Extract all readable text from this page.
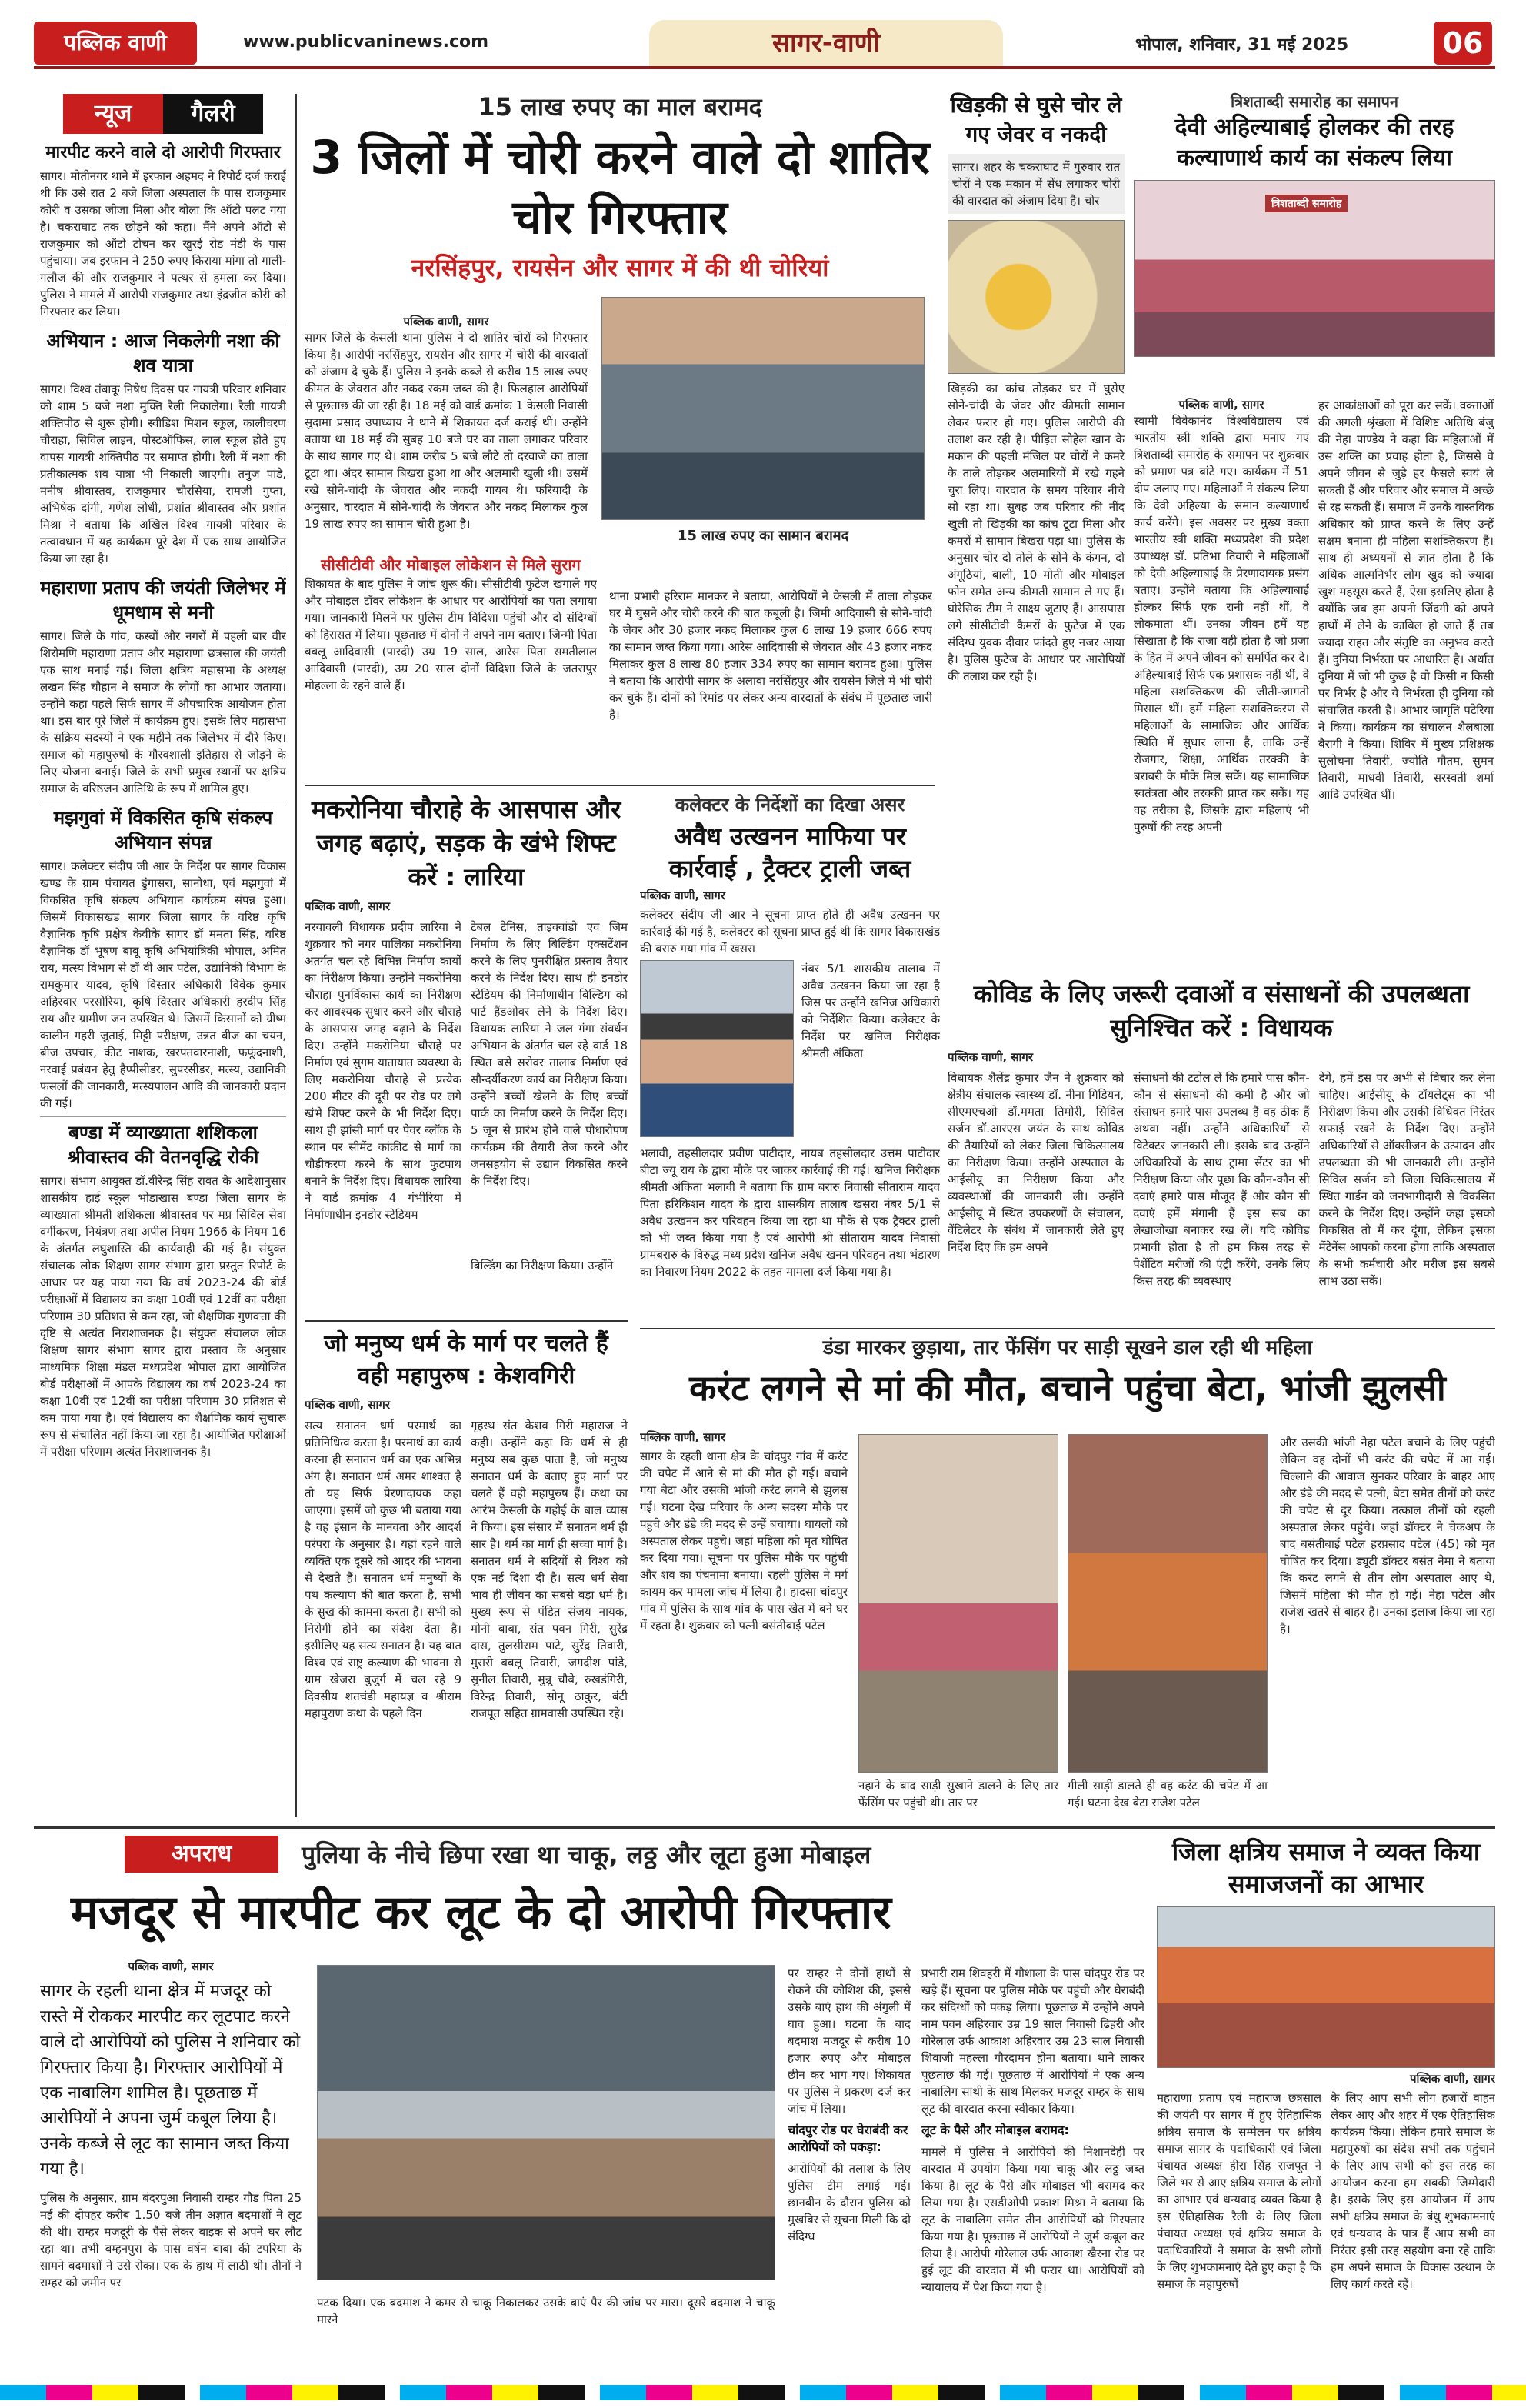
पब्लिक वाणी	www.publicvaninews.com	सागर-वाणी	भोपाल, शनिवार, 31 मई 2025	06
न्यूज	गैलरी
मारपीट करने वाले दो आरोपी गिरफ्तार

सागर। मोतीनगर थाने में इरफान अहमद ने रिपोर्ट दर्ज कराई थी कि उसे रात 2 बजे जिला अस्पताल के पास राजकुमार कोरी व उसका जीजा मिला और बोला कि ऑटो पलट गया है। चकराघाट तक छोड़ने को कहा। मैंने अपने ऑटो से राजकुमार को ऑटो टोचन कर खुरई रोड मंडी के पास पहुंचाया। जब इरफान ने 250 रुपए किराया मांगा तो गाली-गलौज की और राजकुमार ने पत्थर से हमला कर दिया। पुलिस ने मामले में आरोपी राजकुमार तथा इंद्रजीत कोरी को गिरफ्तार कर लिया।

अभियान : आज निकलेगी नशा की शव यात्रा

सागर। विश्व तंबाकू निषेध दिवस पर गायत्री परिवार शनिवार को शाम 5 बजे नशा मुक्ति रैली निकालेगा। रैली गायत्री शक्तिपीठ से शुरू होगी। स्वीडिश मिशन स्कूल, कालीचरण चौराहा, सिविल लाइन, पोस्टऑफिस, लाल स्कूल होते हुए वापस गायत्री शक्तिपीठ पर समाप्त होगी। रैली में नशा की प्रतीकात्मक शव यात्रा भी निकाली जाएगी। तनुज पांडे, मनीष श्रीवास्तव, राजकुमार चौरसिया, रामजी गुप्ता, अभिषेक दांगी, गणेश लोधी, प्रशांत श्रीवास्तव और प्रशांत मिश्रा ने बताया कि अखिल विश्व गायत्री परिवार के तत्वावधान में यह कार्यक्रम पूरे देश में एक साथ आयोजित किया जा रहा है।

महाराणा प्रताप की जयंती जिलेभर में धूमधाम से मनी

सागर। जिले के गांव, कस्बों और नगरों में पहली बार वीर शिरोमणि महाराणा प्रताप और महाराणा छत्रसाल की जयंती एक साथ मनाई गई। जिला क्षत्रिय महासभा के अध्यक्ष लखन सिंह चौहान ने समाज के लोगों का आभार जताया। उन्होंने कहा पहले सिर्फ सागर में औपचारिक आयोजन होता था। इस बार पूरे जिले में कार्यक्रम हुए। इसके लिए महासभा के सक्रिय सदस्यों ने एक महीने तक जिलेभर में दौरे किए। समाज को महापुरुषों के गौरवशाली इतिहास से जोड़ने के लिए योजना बनाई। जिले के सभी प्रमुख स्थानों पर क्षत्रिय समाज के वरिष्ठजन आतिथि के रूप में शामिल हुए।

मझगुवां में विकसित कृषि संकल्प अभियान संपन्न

सागर। कलेक्टर संदीप जी आर के निर्देश पर सागर विकास खण्ड के ग्राम पंचायत डुंगासरा, सानोधा, एवं मझगुवां में विकसित कृषि संकल्प अभियान कार्यक्रम संपन्न हुआ। जिसमें विकासखंड सागर जिला सागर के वरिष्ठ कृषि वैज्ञानिक कृषि प्रक्षेत्र केवीके सागर डॉ ममता सिंह, वरिष्ठ वैज्ञानिक डॉ भूषण बाबू कृषि अभियांत्रिकी भोपाल, अमित राय, मत्स्य विभाग से डॉ वी आर पटेल, उद्यानिकी विभाग के रामकुमार यादव, कृषि विस्तार अधिकारी विवेक कुमार अहिरवार परसोरिया, कृषि विस्तार अधिकारी हरदीप सिंह राय और ग्रामीण जन उपस्थित थे। जिसमें किसानों को ग्रीष्म कालीन गहरी जुताई, मिट्टी परीक्षण, उन्नत बीज का चयन, बीज उपचार, कीट नाशक, खरपतवारनाशी, फफूंदनाशी, नरवाई प्रबंधन हेतु हैप्पीसीडर, सुपरसीडर, मत्स्य, उद्यानिकी फसलों की जानकारी, मत्स्यपालन आदि की जानकारी प्रदान की गई।

बण्डा में व्याख्याता शशिकला श्रीवास्तव की वेतनवृद्धि रोकी

सागर। संभाग आयुक्त डॉ.वीरेन्द्र सिंह रावत के आदेशानुसार शासकीय हाई स्कूल भोडाखास बण्डा जिला सागर के व्याख्याता श्रीमती शशिकला श्रीवास्तव पर मप्र सिविल सेवा वर्गीकरण, नियंत्रण तथा अपील नियम 1966 के नियम 16 के अंतर्गत लघुशास्ति की कार्यवाही की गई है। संयुक्त संचालक लोक शिक्षण सागर संभाग द्वारा प्रस्तुत रिपोर्ट के आधार पर यह पाया गया कि वर्ष 2023-24 की बोर्ड परीक्षाओं में विद्यालय का कक्षा 10वीं एवं 12वीं का परीक्षा परिणाम 30 प्रतिशत से कम रहा, जो शैक्षणिक गुणवत्ता की दृष्टि से अत्यंत निराशाजनक है। संयुक्त संचालक लोक शिक्षण सागर संभाग सागर द्वारा प्रस्ताव के अनुसार माध्यमिक शिक्षा मंडल मध्यप्रदेश भोपाल द्वारा आयोजित बोर्ड परीक्षाओं में आपके विद्यालय का वर्ष 2023-24 का कक्षा 10वीं एवं 12वीं का परीक्षा परिणाम 30 प्रतिशत से कम पाया गया है। एवं विद्यालय का शैक्षणिक कार्य सुचारू रूप से संचालित नहीं किया जा रहा है। आयोजित परीक्षाओं में परीक्षा परिणाम अत्यंत निराशाजनक है।

15 लाख रुपए का माल बरामद
3 जिलों में चोरी करने वाले दो शातिर चोर गिरफ्तार
नरसिंहपुर, रायसेन और सागर में की थी चोरियां
पब्लिक वाणी, सागर

सागर जिले के केसली थाना पुलिस ने दो शातिर चोरों को गिरफ्तार किया है। आरोपी नरसिंहपुर, रायसेन और सागर में चोरी की वारदातों को अंजाम दे चुके हैं। पुलिस ने इनके कब्जे से करीब 15 लाख रुपए कीमत के जेवरात और नकद रकम जब्त की है। फिलहाल आरोपियों से पूछताछ की जा रही है। 18 मई को वार्ड क्रमांक 1 केसली निवासी सुदामा प्रसाद उपाध्याय ने थाने में शिकायत दर्ज कराई थी। उन्होंने बताया था 18 मई की सुबह 10 बजे घर का ताला लगाकर परिवार के साथ सागर गए थे। शाम करीब 5 बजे लौटे तो दरवाजे का ताला टूटा था। अंदर सामान बिखरा हुआ था और अलमारी खुली थी। उसमें रखे सोने-चांदी के जेवरात और नकदी गायब थे। फरियादी के अनुसार, वारदात में सोने-चांदी के जेवरात और नकद मिलाकर कुल 19 लाख रुपए का सामान चोरी हुआ है।

15 लाख रुपए का सामान बरामद
सीसीटीवी और मोबाइल लोकेशन से मिले सुराग

शिकायत के बाद पुलिस ने जांच शुरू की। सीसीटीवी फुटेज खंगाले गए और मोबाइल टॉवर लोकेशन के आधार पर आरोपियों का पता लगाया गया। जानकारी मिलने पर पुलिस टीम विदिशा पहुंची और दो संदिग्धों को हिरासत में लिया। पूछताछ में दोनों ने अपने नाम बताए। जिन्मी पिता बबलू आदिवासी (पारदी) उम्र 19 साल, आरेस पिता समतीलाल आदिवासी (पारदी), उम्र 20 साल दोनों विदिशा जिले के जतरापुर मोहल्ला के रहने वाले हैं।

थाना प्रभारी हरिराम मानकर ने बताया, आरोपियों ने केसली में ताला तोड़कर घर में घुसने और चोरी करने की बात कबूली है। जिमी आदिवासी से सोने-चांदी के जेवर और 30 हजार नकद मिलाकर कुल 6 लाख 19 हजार 666 रुपए का सामान जब्त किया गया। आरेस आदिवासी से जेवरात और 43 हजार नकद मिलाकर कुल 8 लाख 80 हजार 334 रुपए का सामान बरामद हुआ। पुलिस ने बताया कि आरोपी सागर के अलावा नरसिंहपुर और रायसेन जिले में भी चोरी कर चुके हैं। दोनों को रिमांड पर लेकर अन्य वारदातों के संबंध में पूछताछ जारी है।

खिड़की से घुसे चोर ले गए जेवर व नकदी

सागर। शहर के चकराघाट में गुरुवार रात चोरों ने एक मकान में सेंध लगाकर चोरी की वारदात को अंजाम दिया है। चोर

खिड़की का कांच तोड़कर घर में घुसेए सोने-चांदी के जेवर और कीमती सामान लेकर फरार हो गए। पुलिस आरोपी की तलाश कर रही है। पीड़ित सोहेल खान के मकान की पहली मंजिल पर चोरों ने कमरे के ताले तोड़कर अलमारियों में रखे गहने चुरा लिए। वारदात के समय परिवार नीचे सो रहा था। सुबह जब परिवार की नींद खुली तो खिड़की का कांच टूटा मिला और कमरों में सामान बिखरा पड़ा था। पुलिस के अनुसार चोर दो तोले के सोने के कंगन, दो अंगूठियां, बाली, 10 मोती और मोबाइल फोन समेत अन्य कीमती सामान ले गए हैं। घोरेसिक टीम ने साक्ष्य जुटाए हैं। आसपास लगे सीसीटीवी कैमरों के फुटेज में एक संदिग्ध युवक दीवार फांदते हुए नजर आया है। पुलिस फुटेज के आधार पर आरोपियों की तलाश कर रही है।

त्रिशताब्दी समारोह का समापन
देवी अहिल्याबाई होलकर की तरह कल्याणार्थ कार्य का संकल्प लिया
त्रिशताब्दी समारोह
पब्लिक वाणी, सागर

स्वामी विवेकानंद विश्वविद्यालय एवं भारतीय स्त्री शक्ति द्वारा मनाए गए त्रिशताब्दी समारोह के समापन पर शुक्रवार को प्रमाण पत्र बांटे गए। कार्यक्रम में 51 दीप जलाए गए। महिलाओं ने संकल्प लिया कि देवी अहिल्या के समान कल्याणार्थ कार्य करेंगे। इस अवसर पर मुख्य वक्ता भारतीय स्त्री शक्ति मध्यप्रदेश की प्रदेश उपाध्यक्ष डॉ. प्रतिभा तिवारी ने महिलाओं को देवी अहिल्याबाई के प्रेरणादायक प्रसंग बताए। उन्होंने बताया कि अहिल्याबाई होल्कर सिर्फ एक रानी नहीं थीं, वे लोकमाता थीं। उनका जीवन हमें यह सिखाता है कि राजा वही होता है जो प्रजा के हित में अपने जीवन को समर्पित कर दे। अहिल्याबाई सिर्फ एक प्रशासक नहीं थीं, वे महिला सशक्तिकरण की जीती-जागती मिसाल थीं। हमें महिला सशक्तिकरण से महिलाओं के सामाजिक और आर्थिक स्थिति में सुधार लाना है, ताकि उन्हें रोजगार, शिक्षा, आर्थिक तरक्की के बराबरी के मौके मिल सकें। यह सामाजिक स्वतंत्रता और तरक्की प्राप्त कर सकें। यह वह तरीका है, जिसके द्वारा महिलाएं भी पुरुषों की तरह अपनी

हर आकांक्षाओं को पूरा कर सकें। वक्ताओं की अगली श्रृंखला में विशिष्ट अतिथि बंजु की नेहा पाण्डेय ने कहा कि महिलाओं में उस शक्ति का प्रवाह होता है, जिससे वे अपने जीवन से जुड़े हर फैसले स्वयं ले सकती हैं और परिवार और समाज में अच्छे से रह सकती हैं। समाज में उनके वास्तविक अधिकार को प्राप्त करने के लिए उन्हें सक्षम बनाना ही महिला सशक्तिकरण है। साथ ही अध्ययनों से ज्ञात होता है कि अधिक आत्मनिर्भर लोग खुद को ज्यादा खुश महसूस करते हैं, ऐसा इसलिए होता है क्योंकि जब हम अपनी जिंदगी को अपने हाथों में लेने के काबिल हो जाते हैं तब ज्यादा राहत और संतुष्टि का अनुभव करते हैं। दुनिया निर्भरता पर आधारित है। अर्थात दुनिया में जो भी कुछ है वो किसी न किसी पर निर्भर है और ये निर्भरता ही दुनिया को संचालित करती है। आभार जागृति पटेरिया ने किया। कार्यक्रम का संचालन शैलबाला बैरागी ने किया। शिविर में मुख्य प्रशिक्षक सुलोचना तिवारी, ज्योति गौतम, सुमन तिवारी, माधवी तिवारी, सरस्वती शर्मा आदि उपस्थित थीं।

मकरोनिया चौराहे के आसपास और जगह बढ़ाएं, सड़क के खंभे शिफ्ट करें : लारिया
पब्लिक वाणी, सागर

नरयावली विधायक प्रदीप लारिया ने शुक्रवार को नगर पालिका मकरोनिया अंतर्गत चल रहे विभिन्न निर्माण कार्यों का निरीक्षण किया। उन्होंने मकरोनिया चौराहा पुनर्विकास कार्य का निरीक्षण कर आवश्यक सुधार करने और चौराहे के आसपास जगह बढ़ाने के निर्देश दिए। उन्होंने मकरोनिया चौराहे पर निर्माण एवं सुगम यातायात व्यवस्था के लिए मकरोनिया चौराहे से प्रत्येक 200 मीटर की दूरी पर रोड पर लगे खंभे शिफ्ट करने के भी निर्देश दिए। साथ ही झांसी मार्ग पर पेवर ब्लॉक के स्थान पर सीमेंट कांक्रीट से मार्ग का चौड़ीकरण करने के साथ फुटपाथ बनाने के निर्देश दिए। विधायक लारिया ने वार्ड क्रमांक 4 गंभीरिया में निर्माणाधीन इनडोर स्टेडियम

टेबल टेनिस, ताइक्वांडो एवं जिम निर्माण के लिए बिल्डिंग एक्सटेंशन करने के लिए पुनरीक्षित प्रस्ताव तैयार करने के निर्देश दिए। साथ ही इनडोर स्टेडियम की निर्माणाधीन बिल्डिंग को पार्ट हैंडओवर लेने के निर्देश दिए। विधायक लारिया ने जल गंगा संवर्धन अभियान के अंतर्गत चल रहे वार्ड 18 स्थित बसे सरोवर तालाब निर्माण एवं सौन्दर्यीकरण कार्य का निरीक्षण किया। उन्होंने बच्चों खेलने के लिए बच्चों पार्क का निर्माण करने के निर्देश दिए। 5 जून से प्रारंभ होने वाले पौधारोपण कार्यक्रम की तैयारी तेज करने और जनसहयोग से उद्यान विकसित करने के निर्देश दिए।

बिल्डिंग का निरीक्षण किया। उन्होंने

जो मनुष्य धर्म के मार्ग पर चलते हैं वही महापुरुष : केशवगिरी
पब्लिक वाणी, सागर

सत्य सनातन धर्म परमार्थ का प्रतिनिधित्व करता है। परमार्थ का कार्य करना ही सनातन धर्म का एक अभिन्न अंग है। सनातन धर्म अमर शाश्वत है तो यह सिर्फ प्रेरणादायक कहा जाएगा। इसमें जो कुछ भी बताया गया है वह इंसान के मानवता और आदर्श परंपरा के अनुसार है। यहां रहने वाले व्यक्ति एक दूसरे को आदर की भावना से देखते हैं। सनातन धर्म मनुष्यों के पथ कल्याण की बात करता है, सभी के सुख की कामना करता है। सभी को निरोगी होने का संदेश देता है। इसीलिए यह सत्य सनातन है। यह बात विश्व एवं राष्ट्र कल्याण की भावना से ग्राम खेजरा बुजुर्ग में चल रहे 9 दिवसीय शतचंडी महायज्ञ व श्रीराम महापुराण कथा के पहले दिन

गृहस्थ संत केशव गिरी महाराज ने कही। उन्होंने कहा कि धर्म से ही मनुष्य सब कुछ पाता है, जो मनुष्य सनातन धर्म के बताए हुए मार्ग पर चलते हैं वही महापुरुष हैं। कथा का आरंभ केसली के गहोई के बाल व्यास ने किया। इस संसार में सनातन धर्म ही सार है। धर्म का मार्ग ही सच्चा मार्ग है। सनातन धर्म ने सदियों से विश्व को एक नई दिशा दी है। सत्य धर्म सेवा भाव ही जीवन का सबसे बड़ा धर्म है। मुख्य रूप से पंडित संजय नायक, मोनी बाबा, संत पवन गिरी, सुरेंद्र दास, तुलसीराम पाटे, सुरेंद्र तिवारी, मुरारी बबलू तिवारी, जगदीश पांडे, सुनील तिवारी, मुन्नू चौबे, रुखडंगिरी, विरेन्द्र तिवारी, सोनू ठाकुर, बंटी राजपूत सहित ग्रामवासी उपस्थित रहे।

कलेक्टर के निर्देशों का दिखा असर
अवैध उत्खनन माफिया पर कार्रवाई , ट्रैक्टर ट्राली जब्त
पब्लिक वाणी, सागर

कलेक्टर संदीप जी आर ने सूचना प्राप्त होते ही अवैध उत्खनन पर कार्रवाई की गई है, कलेक्टर को सूचना प्राप्त हुई थी कि सागर विकासखंड की बरारु गया गांव में खसरा

नंबर 5/1 शासकीय तालाब में अवैध उत्खनन किया जा रहा है जिस पर उन्होंने खनिज अधिकारी को निर्देशित किया। कलेक्टर के निर्देश पर खनिज निरीक्षक श्रीमती अंकिता

भलावी, तहसीलदार प्रवीण पाटीदार, नायब तहसीलदार उत्तम पाटीदार बीटा ज्यू राय के द्वारा मौके पर जाकर कार्रवाई की गई। खनिज निरीक्षक श्रीमती अंकिता भलावी ने बताया कि ग्राम बरारु निवासी सीताराम यादव पिता हरिकिशन यादव के द्वारा शासकीय तालाब खसरा नंबर 5/1 से अवैध उत्खनन कर परिवहन किया जा रहा था मौके से एक ट्रैक्टर ट्राली को भी जब्त किया गया है एवं आरोपी श्री सीताराम यादव निवासी ग्रामबरारु के विरुद्ध मध्य प्रदेश खनिज अवैध खनन परिवहन तथा भंडारण का निवारण नियम 2022 के तहत मामला दर्ज किया गया है।

कोविड के लिए जरूरी दवाओं व संसाधनों की उपलब्धता सुनिश्चित करें : विधायक
पब्लिक वाणी, सागर

विधायक शैलेंद्र कुमार जैन ने शुक्रवार को क्षेत्रीय संचालक स्वास्थ्य डॉ. नीना गिडियन, सीएमएचओ डॉ.ममता तिमोरी, सिविल सर्जन डॉ.आरएस जयंत के साथ कोविड की तैयारियों को लेकर जिला चिकित्सालय का निरीक्षण किया। उन्होंने अस्पताल के आईसीयू का निरीक्षण किया और व्यवस्थाओं की जानकारी ली। उन्होंने आईसीयू में स्थित उपकरणों के संचालन, वेंटिलेटर के संबंध में जानकारी लेते हुए निर्देश दिए कि हम अपने

संसाधनों की टटोल लें कि हमारे पास कौन-कौन से संसाधनों की कमी है और जो संसाधन हमारे पास उपलब्ध हैं वह ठीक हैं अथवा नहीं। उन्होंने अधिकारियों से विटेक्टर जानकारी ली। इसके बाद उन्होंने अधिकारियों के साथ ट्रामा सेंटर का भी निरीक्षण किया और पूछा कि कौन-कौन सी दवाएं हमारे पास मौजूद हैं और कौन सी दवाएं हमें मंगानी हैं इस सब का लेखाजोखा बनाकर रख लें। यदि कोविड प्रभावी होता है तो हम किस तरह से पेशेंटिव मरीजों की एंट्री करेंगे, उनके लिए किस तरह की व्यवस्थाएं

देंगे, हमें इस पर अभी से विचार कर लेना चाहिए। आईसीयू के टॉयलेट्स का भी निरीक्षण किया और उसकी विधिवत निरंतर सफाई रखने के निर्देश दिए। उन्होंने अधिकारियों से ऑक्सीजन के उत्पादन और उपलब्धता की भी जानकारी ली। उन्होंने सिविल सर्जन को जिला चिकित्सालय में स्थित गार्डन को जनभागीदारी से विकसित करने के निर्देश दिए। उन्होंने कहा इसको विकसित तो मैं कर दूंगा, लेकिन इसका मेंटेनेंस आपको करना होगा ताकि अस्पताल के सभी कर्मचारी और मरीज इस सबसे लाभ उठा सकें।

डंडा मारकर छुड़ाया, तार फेंसिंग पर साड़ी सूखने डाल रही थी महिला
करंट लगने से मां की मौत, बचाने पहुंचा बेटा, भांजी झुलसी
पब्लिक वाणी, सागर

सागर के रहली थाना क्षेत्र के चांदपुर गांव में करंट की चपेट में आने से मां की मौत हो गई। बचाने गया बेटा और उसकी भांजी करंट लगने से झुलस गई। घटना देख परिवार के अन्य सदस्य मौके पर पहुंचे और डंडे की मदद से उन्हें बचाया। घायलों को अस्पताल लेकर पहुंचे। जहां महिला को मृत घोषित कर दिया गया। सूचना पर पुलिस मौके पर पहुंची और शव का पंचनामा बनाया। रहली पुलिस ने मर्ग कायम कर मामला जांच में लिया है। हादसा चांदपुर गांव में पुलिस के साथ गांव के पास खेत में बने घर में रहता है। शुक्रवार को पत्नी बसंतीबाई पटेल

नहाने के बाद साड़ी सुखाने डालने के लिए तार फेंसिंग पर पहुंची थी। तार पर

गीली साड़ी डालते ही वह करंट की चपेट में आ गई। घटना देख बेटा राजेश पटेल

और उसकी भांजी नेहा पटेल बचाने के लिए पहुंची लेकिन वह दोनों भी करंट की चपेट में आ गई। चिल्लाने की आवाज सुनकर परिवार के बाहर आए और डंडे की मदद से पत्नी, बेटा समेत तीनों को करंट की चपेट से दूर किया। तत्काल तीनों को रहली अस्पताल लेकर पहुंचे। जहां डॉक्टर ने चेकअप के बाद बसंतीबाई पटेल हरप्रसाद पटेल (45) को मृत घोषित कर दिया। ड्यूटी डॉक्टर बसंत नेमा ने बताया कि करंट लगने से तीन लोग अस्पताल आए थे, जिसमें महिला की मौत हो गई। नेहा पटेल और राजेश खतरे से बाहर हैं। उनका इलाज किया जा रहा है।

अपराध	पुलिया के नीचे छिपा रखा था चाकू, लठ्ठ और लूटा हुआ मोबाइल
मजदूर से मारपीट कर लूट के दो आरोपी गिरफ्तार
पब्लिक वाणी, सागर

सागर के रहली थाना क्षेत्र में मजदूर को रास्ते में रोककर मारपीट कर लूटपाट करने वाले दो आरोपियों को पुलिस ने शनिवार को गिरफ्तार किया है। गिरफ्तार आरोपियों में एक नाबालिग शामिल है। पूछताछ में आरोपियों ने अपना जुर्म कबूल लिया है। उनके कब्जे से लूट का सामान जब्त किया गया है।

पुलिस के अनुसार, ग्राम बंदरपुआ निवासी राम्हर गौड पिता 25 मई की दोपहर करीब 1.50 बजे तीन अज्ञात बदमाशों ने लूट की थी। राम्हर मजदूरी के पैसे लेकर बाइक से अपने घर लौट रहा था। तभी बम्हनपुरा के पास वर्षन बाबा की टपरिया के सामने बदमाशों ने उसे रोका। एक के हाथ में लाठी थी। तीनों ने राम्हर को जमीन पर

पटक दिया। एक बदमाश ने कमर से चाकू निकालकर उसके बाएं पैर की जांघ पर मारा। दूसरे बदमाश ने चाकू मारने

पर राम्हर ने दोनों हाथों से रोकने की कोशिश की, इससे उसके बाएं हाथ की अंगुली में घाव हुआ। घटना के बाद बदमाश मजदूर से करीब 10 हजार रुपए और मोबाइल छीन कर भाग गए। शिकायत पर पुलिस ने प्रकरण दर्ज कर जांच में लिया।

चांदपुर रोड पर घेराबंदी कर आरोपियों को पकड़ा:

आरोपियों की तलाश के लिए पुलिस टीम लगाई गई। छानबीन के दौरान पुलिस को मुखबिर से सूचना मिली कि दो संदिग्ध

प्रभारी राम शिवहरी में गौशाला के पास चांदपुर रोड पर खड़े हैं। सूचना पर पुलिस मौके पर पहुंची और घेराबंदी कर संदिग्धों को पकड़ लिया। पूछताछ में उन्होंने अपने नाम पवन अहिरवार उम्र 19 साल निवासी ढिहरी और गोरेलाल उर्फ आकाश अहिरवार उम्र 23 साल निवासी शिवाजी महल्ला गौरदामन होना बताया। थाने लाकर पूछताछ की गई। पूछताछ में आरोपियों ने एक अन्य नाबालिग साथी के साथ मिलकर मजदूर राम्हर के साथ लूट की वारदात करना स्वीकार किया।

लूट के पैसे और मोबाइल बरामद:

मामले में पुलिस ने आरोपियों की निशानदेही पर वारदात में उपयोग किया गया चाकू और लठ्ठ जब्त किया है। लूट के पैसे और मोबाइल भी बरामद कर लिया गया है। एसडीओपी प्रकाश मिश्रा ने बताया कि लूट के नाबालिग समेत तीन आरोपियों को गिरफ्तार किया गया है। पूछताछ में आरोपियों ने जुर्म कबूल कर लिया है। आरोपी गोरेलाल उर्फ आकाश खैरना रोड पर हुई लूट की वारदात में भी फरार था। आरोपियों को न्यायालय में पेश किया गया है।

जिला क्षत्रिय समाज ने व्यक्त किया समाजजनों का आभार
पब्लिक वाणी, सागर

महाराणा प्रताप एवं महाराज छत्रसाल की जयंती पर सागर में हुए ऐतिहासिक क्षत्रिय समाज के सम्मेलन पर क्षत्रिय समाज सागर के पदाधिकारी एवं जिला पंचायत अध्यक्ष हीरा सिंह राजपूत ने जिले भर से आए क्षत्रिय समाज के लोगों का आभार एवं धन्यवाद व्यक्त किया है इस ऐतिहासिक रैली के लिए जिला पंचायत अध्यक्ष एवं क्षत्रिय समाज के पदाधिकारियों ने समाज के सभी लोगों के लिए शुभकामनाएं देते हुए कहा है कि समाज के महापुरुषों

के लिए आप सभी लोग हजारों वाहन लेकर आए और शहर में एक ऐतिहासिक कार्यक्रम किया। लेकिन हमारे समाज के महापुरुषों का संदेश सभी तक पहुंचाने के लिए आप सभी को इस तरह का आयोजन करना हम सबकी जिम्मेदारी है। इसके लिए इस आयोजन में आप सभी क्षत्रिय समाज के बंधु शुभकामनाएं एवं धन्यवाद के पात्र हैं आप सभी का निरंतर इसी तरह सहयोग बना रहे ताकि हम अपने समाज के विकास उत्थान के लिए कार्य करते रहें।
